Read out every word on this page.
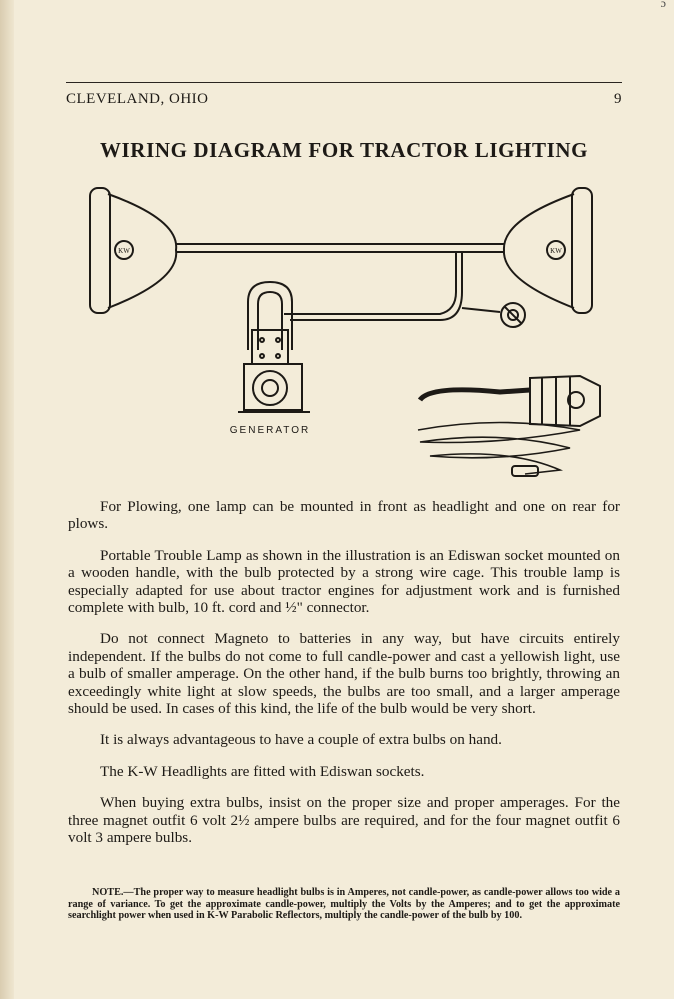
ɔ
CLEVELAND, OHIO	9
WIRING DIAGRAM FOR TRACTOR LIGHTING
KW	KW
GENERATOR

For Plowing, one lamp can be mounted in front as headlight and one on rear for plows.

Portable Trouble Lamp as shown in the illustration is an Ediswan socket mounted on a wooden handle, with the bulb protected by a strong wire cage. This trouble lamp is especially adapted for use about tractor engines for adjustment work and is furnished complete with bulb, 10 ft. cord and ½" connector.

Do not connect Magneto to batteries in any way, but have circuits entirely independent. If the bulbs do not come to full candle-power and cast a yellowish light, use a bulb of smaller amperage. On the other hand, if the bulb burns too brightly, throwing an exceedingly white light at slow speeds, the bulbs are too small, and a larger amperage should be used. In cases of this kind, the life of the bulb would be very short.

It is always advantageous to have a couple of extra bulbs on hand.

The K-W Headlights are fitted with Ediswan sockets.

When buying extra bulbs, insist on the proper size and proper amperages. For the three magnet outfit 6 volt 2½ ampere bulbs are required, and for the four magnet outfit 6 volt 3 ampere bulbs.

NOTE.—The proper way to measure headlight bulbs is in Amperes, not candle-power, as candle-power allows too wide a range of variance. To get the approximate candle-power, multiply the Volts by the Amperes; and to get the approximate searchlight power when used in K-W Parabolic Reflectors, multiply the candle-power of the bulb by 100.
